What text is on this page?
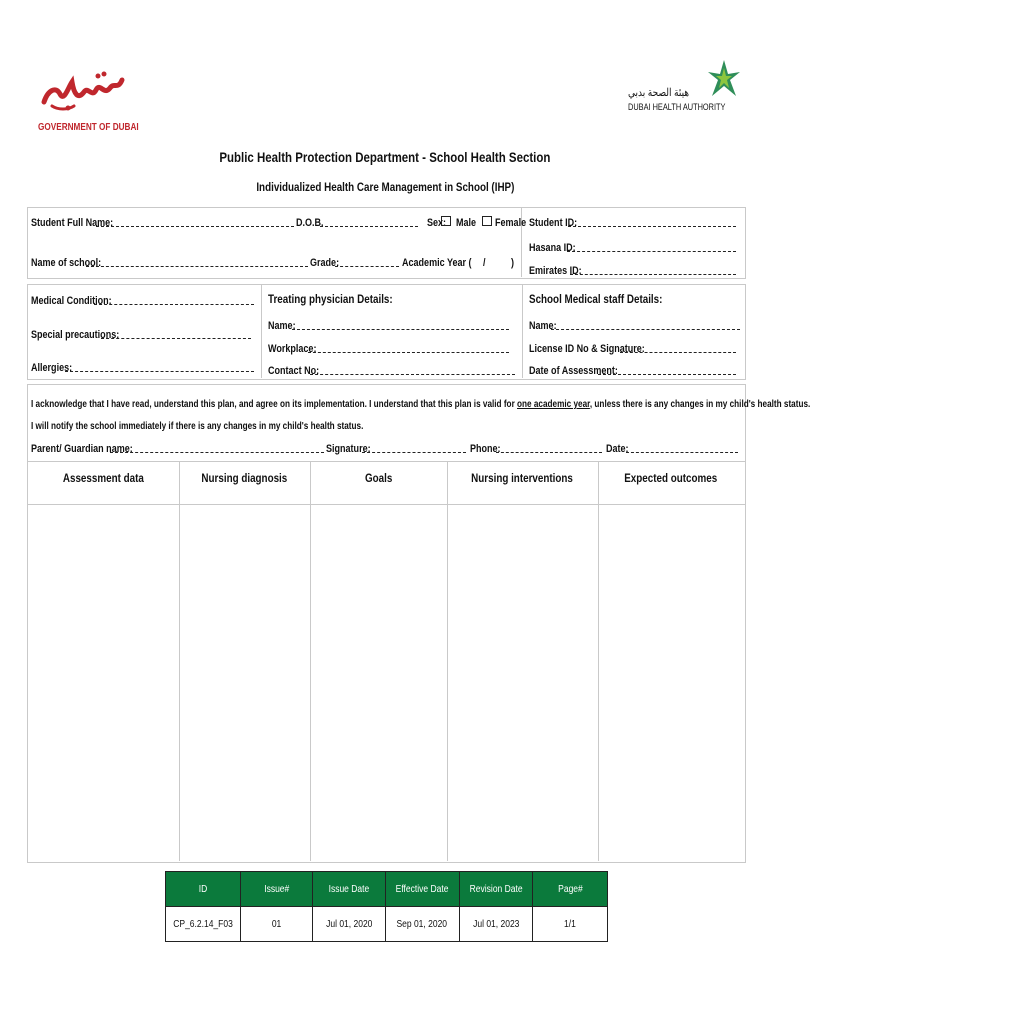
GOVERNMENT OF DUBAI
هيئة الصحة بدبي
DUBAI HEALTH AUTHORITY
Public Health Protection Department - School Health Section
Individualized Health Care Management in School (IHP)
Student Full Name:	D.O.B.	Sex: Male	Female
Name of school:	Grade:	Academic Year (	/ )
Student ID:
Hasana ID:
Emirates ID:
Medical Condition:
Special precautions:
Allergies:
Treating physician Details:
Name:
Workplace:
Contact No:
School Medical staff Details:
Name:
License ID No & Signature:
Date of Assessment:
I acknowledge that I have read, understand this plan, and agree on its implementation. I understand that this plan is valid for one academic year, unless there is any changes in my child's health status.
I will notify the school immediately if there is any changes in my child's health status.
Parent/ Guardian name:	Signature:	Phone:	Date:
Assessment data	Nursing diagnosis	Goals	Nursing interventions	Expected outcomes
ID	Issue#	Issue Date	Effective Date	Revision Date	Page#
CP_6.2.14_F03	01	Jul 01, 2020	Sep 01, 2020	Jul 01, 2023	1/1
